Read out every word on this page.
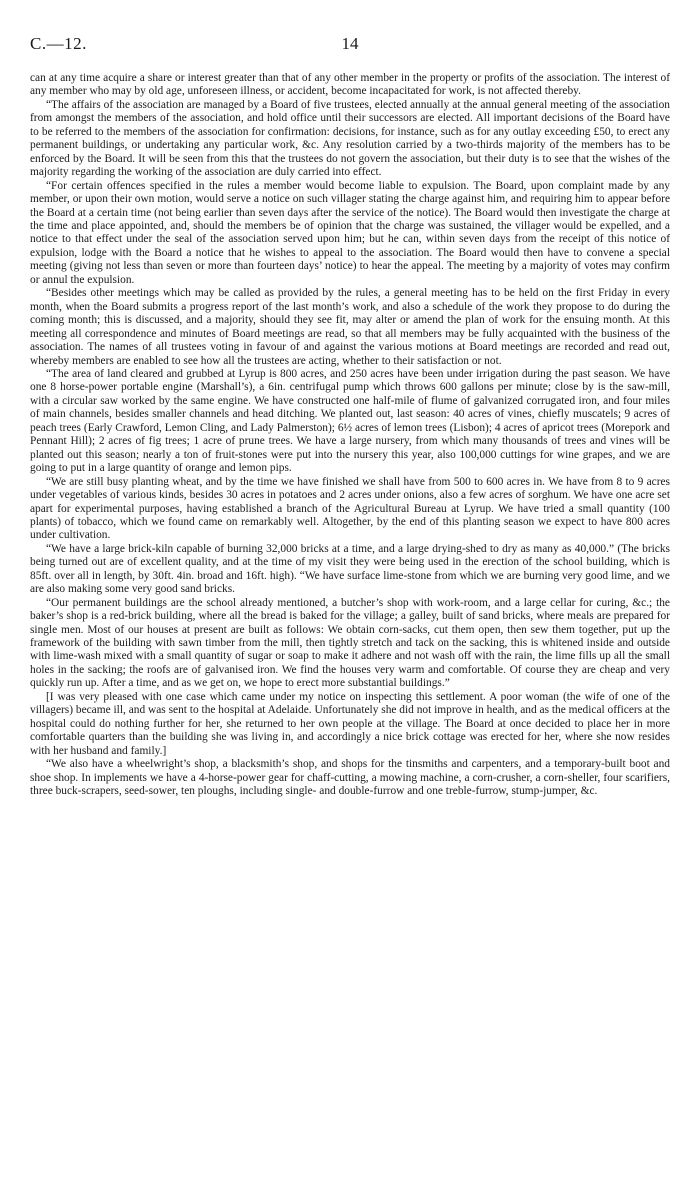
C.—12.	14

can at any time acquire a share or interest greater than that of any other member in the property or profits of the association. The interest of any member who may by old age, unforeseen illness, or accident, become incapacitated for work, is not affected thereby.

“The affairs of the association are managed by a Board of five trustees, elected annually at the annual general meeting of the association from amongst the members of the association, and hold office until their successors are elected. All important decisions of the Board have to be referred to the members of the association for confirmation: decisions, for instance, such as for any outlay exceeding £50, to erect any permanent buildings, or undertaking any particular work, &c. Any resolution carried by a two-thirds majority of the members has to be enforced by the Board. It will be seen from this that the trustees do not govern the association, but their duty is to see that the wishes of the majority regarding the working of the association are duly carried into effect.

“For certain offences specified in the rules a member would become liable to expulsion. The Board, upon complaint made by any member, or upon their own motion, would serve a notice on such villager stating the charge against him, and requiring him to appear before the Board at a certain time (not being earlier than seven days after the service of the notice). The Board would then investigate the charge at the time and place appointed, and, should the members be of opinion that the charge was sustained, the villager would be expelled, and a notice to that effect under the seal of the association served upon him; but he can, within seven days from the receipt of this notice of expulsion, lodge with the Board a notice that he wishes to appeal to the association. The Board would then have to convene a special meeting (giving not less than seven or more than fourteen days’ notice) to hear the appeal. The meeting by a majority of votes may confirm or annul the expulsion.

“Besides other meetings which may be called as provided by the rules, a general meeting has to be held on the first Friday in every month, when the Board submits a progress report of the last month’s work, and also a schedule of the work they propose to do during the coming month; this is discussed, and a majority, should they see fit, may alter or amend the plan of work for the ensuing month. At this meeting all correspondence and minutes of Board meetings are read, so that all members may be fully acquainted with the business of the association. The names of all trustees voting in favour of and against the various motions at Board meetings are recorded and read out, whereby members are enabled to see how all the trustees are acting, whether to their satisfaction or not.

“The area of land cleared and grubbed at Lyrup is 800 acres, and 250 acres have been under irrigation during the past season. We have one 8 horse-power portable engine (Marshall’s), a 6in. centrifugal pump which throws 600 gallons per minute; close by is the saw-mill, with a circular saw worked by the same engine. We have constructed one half-mile of flume of galvanized corrugated iron, and four miles of main channels, besides smaller channels and head ditching. We planted out, last season: 40 acres of vines, chiefly muscatels; 9 acres of peach trees (Early Crawford, Lemon Cling, and Lady Palmerston); 6½ acres of lemon trees (Lisbon); 4 acres of apricot trees (Morepork and Pennant Hill); 2 acres of fig trees; 1 acre of prune trees. We have a large nursery, from which many thousands of trees and vines will be planted out this season; nearly a ton of fruit-stones were put into the nursery this year, also 100,000 cuttings for wine grapes, and we are going to put in a large quantity of orange and lemon pips.

“We are still busy planting wheat, and by the time we have finished we shall have from 500 to 600 acres in. We have from 8 to 9 acres under vegetables of various kinds, besides 30 acres in potatoes and 2 acres under onions, also a few acres of sorghum. We have one acre set apart for experimental purposes, having established a branch of the Agricultural Bureau at Lyrup. We have tried a small quantity (100 plants) of tobacco, which we found came on remarkably well. Altogether, by the end of this planting season we expect to have 800 acres under cultivation.

“We have a large brick-kiln capable of burning 32,000 bricks at a time, and a large drying-shed to dry as many as 40,000.” (The bricks being turned out are of excellent quality, and at the time of my visit they were being used in the erection of the school building, which is 85ft. over all in length, by 30ft. 4in. broad and 16ft. high). “We have surface lime-stone from which we are burning very good lime, and we are also making some very good sand bricks.

“Our permanent buildings are the school already mentioned, a butcher’s shop with work-room, and a large cellar for curing, &c.; the baker’s shop is a red-brick building, where all the bread is baked for the village; a galley, built of sand bricks, where meals are prepared for single men. Most of our houses at present are built as follows: We obtain corn-sacks, cut them open, then sew them together, put up the framework of the building with sawn timber from the mill, then tightly stretch and tack on the sacking, this is whitened inside and outside with lime-wash mixed with a small quantity of sugar or soap to make it adhere and not wash off with the rain, the lime fills up all the small holes in the sacking; the roofs are of galvanised iron. We find the houses very warm and comfortable. Of course they are cheap and very quickly run up. After a time, and as we get on, we hope to erect more substantial buildings.”

[I was very pleased with one case which came under my notice on inspecting this settlement. A poor woman (the wife of one of the villagers) became ill, and was sent to the hospital at Adelaide. Unfortunately she did not improve in health, and as the medical officers at the hospital could do nothing further for her, she returned to her own people at the village. The Board at once decided to place her in more comfortable quarters than the building she was living in, and accordingly a nice brick cottage was erected for her, where she now resides with her husband and family.]

“We also have a wheelwright’s shop, a blacksmith’s shop, and shops for the tinsmiths and carpenters, and a temporary-built boot and shoe shop. In implements we have a 4-horse-power gear for chaff-cutting, a mowing machine, a corn-crusher, a corn-sheller, four scarifiers, three buck-scrapers, seed-sower, ten ploughs, including single- and double-furrow and one treble-furrow, stump-jumper, &c.
